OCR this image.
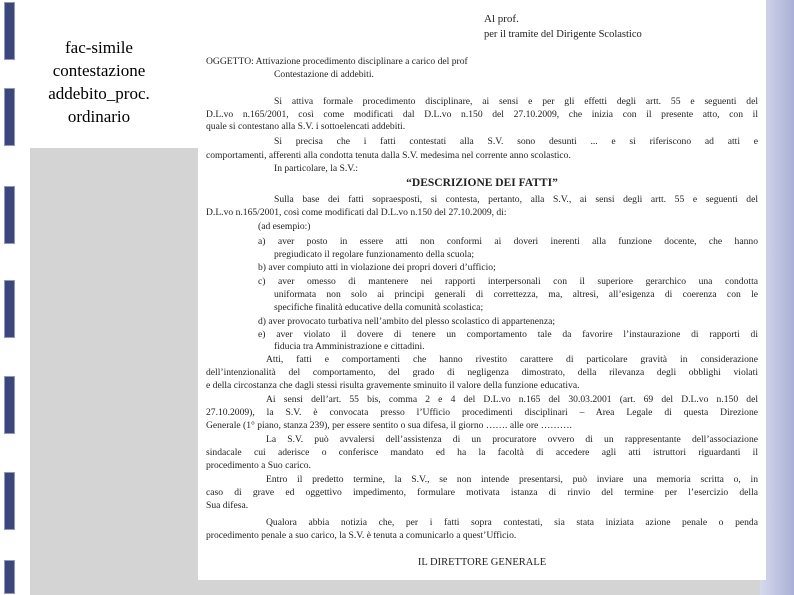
fac-simile
contestazione
addebito_proc.
ordinario
Al prof.
per il tramite del Dirigente Scolastico
OGGETTO: Attivazione procedimento disciplinare a carico del prof
Contestazione di addebiti.
Si attiva formale procedimento disciplinare, ai sensi e per gli effetti degli artt. 55 e seguenti del
D.L.vo n.165/2001, così come modificati dal D.L.vo n.150 del 27.10.2009, che inizia con il presente atto, con il
quale si contestano alla S.V. i sottoelencati addebiti.
Si precisa che i fatti contestati alla S.V. sono desunti ... e si riferiscono ad atti e
comportamenti, afferenti alla condotta tenuta dalla S.V. medesima nel corrente anno scolastico.
In particolare, la S.V.:
“DESCRIZIONE DEI FATTI”
Sulla base dei fatti sopraesposti, si contesta, pertanto, alla S.V., ai sensi degli artt. 55 e seguenti del
D.L.vo n.165/2001, così come modificati dal D.L.vo n.150 del 27.10.2009, di:
(ad esempio:)
a) aver posto in essere atti non conformi ai doveri inerenti alla funzione docente, che hanno
pregiudicato il regolare funzionamento della scuola;
b) aver compiuto atti in violazione dei propri doveri d’ufficio;
c) aver omesso di mantenere nei rapporti interpersonali con il superiore gerarchico una condotta
uniformata non solo ai principi generali di correttezza, ma, altresì, all’esigenza di coerenza con le
specifiche finalità educative della comunità scolastica;
d) aver provocato turbativa nell’ambito del plesso scolastico di appartenenza;
e) aver violato il dovere di tenere un comportamento tale da favorire l’instaurazione di rapporti di
fiducia tra Amministrazione e cittadini.
Atti, fatti e comportamenti che hanno rivestito carattere di particolare gravità in considerazione
dell’intenzionalità del comportamento, del grado di negligenza dimostrato, della rilevanza degli obblighi violati
e della circostanza che dagli stessi risulta gravemente sminuito il valore della funzione educativa.
Ai sensi dell’art. 55 bis, comma 2 e 4 del D.L.vo n.165 del 30.03.2001 (art. 69 del D.L.vo n.150 del
27.10.2009), la S.V. è convocata presso l’Ufficio procedimenti disciplinari – Area Legale di questa Direzione
Generale (1° piano, stanza 239), per essere sentito o sua difesa, il giorno ……. alle ore ……….
La S.V. può avvalersi dell’assistenza di un procuratore ovvero di un rappresentante dell’associazione
sindacale cui aderisce o conferisce mandato ed ha la facoltà di accedere agli atti istruttori riguardanti il
procedimento a Suo carico.
Entro il predetto termine, la S.V., se non intende presentarsi, può inviare una memoria scritta o, in
caso di grave ed oggettivo impedimento, formulare motivata istanza di rinvio del termine per l’esercizio della
Sua difesa.
Qualora abbia notizia che, per i fatti sopra contestati, sia stata iniziata azione penale o penda
procedimento penale a suo carico, la S.V. è tenuta a comunicarlo a quest’Ufficio.
IL DIRETTORE GENERALE
